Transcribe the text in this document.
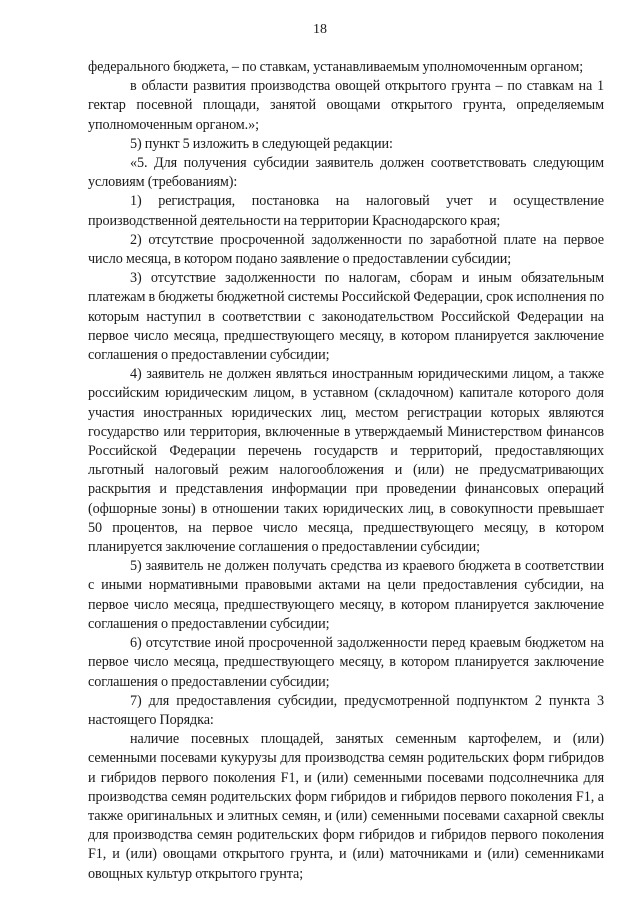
18

федерального бюджета, – по ставкам, устанавливаемым уполномоченным органом;

в области развития производства овощей открытого грунта – по ставкам на 1 гектар посевной площади, занятой овощами открытого грунта, определяемым уполномоченным органом.»;

5) пункт 5 изложить в следующей редакции:

«5. Для получения субсидии заявитель должен соответствовать следующим условиям (требованиям):

1) регистрация, постановка на налоговый учет и осуществление производственной деятельности на территории Краснодарского края;

2) отсутствие просроченной задолженности по заработной плате на первое число месяца, в котором подано заявление о предоставлении субсидии;

3) отсутствие задолженности по налогам, сборам и иным обязательным платежам в бюджеты бюджетной системы Российской Федерации, срок исполнения по которым наступил в соответствии с законодательством Российской Федерации на первое число месяца, предшествующего месяцу, в котором планируется заключение соглашения о предоставлении субсидии;

4) заявитель не должен являться иностранным юридическими лицом, а также российским юридическим лицом, в уставном (складочном) капитале которого доля участия иностранных юридических лиц, местом регистрации которых являются государство или территория, включенные в утверждаемый Министерством финансов Российской Федерации перечень государств и территорий, предоставляющих льготный налоговый режим налогообложения и (или) не предусматривающих раскрытия и представления информации при проведении финансовых операций (офшорные зоны) в отношении таких юридических лиц, в совокупности превышает 50 процентов, на первое число месяца, предшествующего месяцу, в котором планируется заключение соглашения о предоставлении субсидии;

5) заявитель не должен получать средства из краевого бюджета в соответствии с иными нормативными правовыми актами на цели предоставления субсидии, на первое число месяца, предшествующего месяцу, в котором планируется заключение соглашения о предоставлении субсидии;

6) отсутствие иной просроченной задолженности перед краевым бюджетом на первое число месяца, предшествующего месяцу, в котором планируется заключение соглашения о предоставлении субсидии;

7) для предоставления субсидии, предусмотренной подпунктом 2 пункта 3 настоящего Порядка:

наличие посевных площадей, занятых семенным картофелем, и (или) семенными посевами кукурузы для производства семян родительских форм гибридов и гибридов первого поколения F1, и (или) семенными посевами подсолнечника для производства семян родительских форм гибридов и гибридов первого поколения F1, а также оригинальных и элитных семян, и (или) семенными посевами сахарной свеклы для производства семян родительских форм гибридов и гибридов первого поколения F1, и (или) овощами открытого грунта, и (или) маточниками и (или) семенниками овощных культур открытого грунта;
